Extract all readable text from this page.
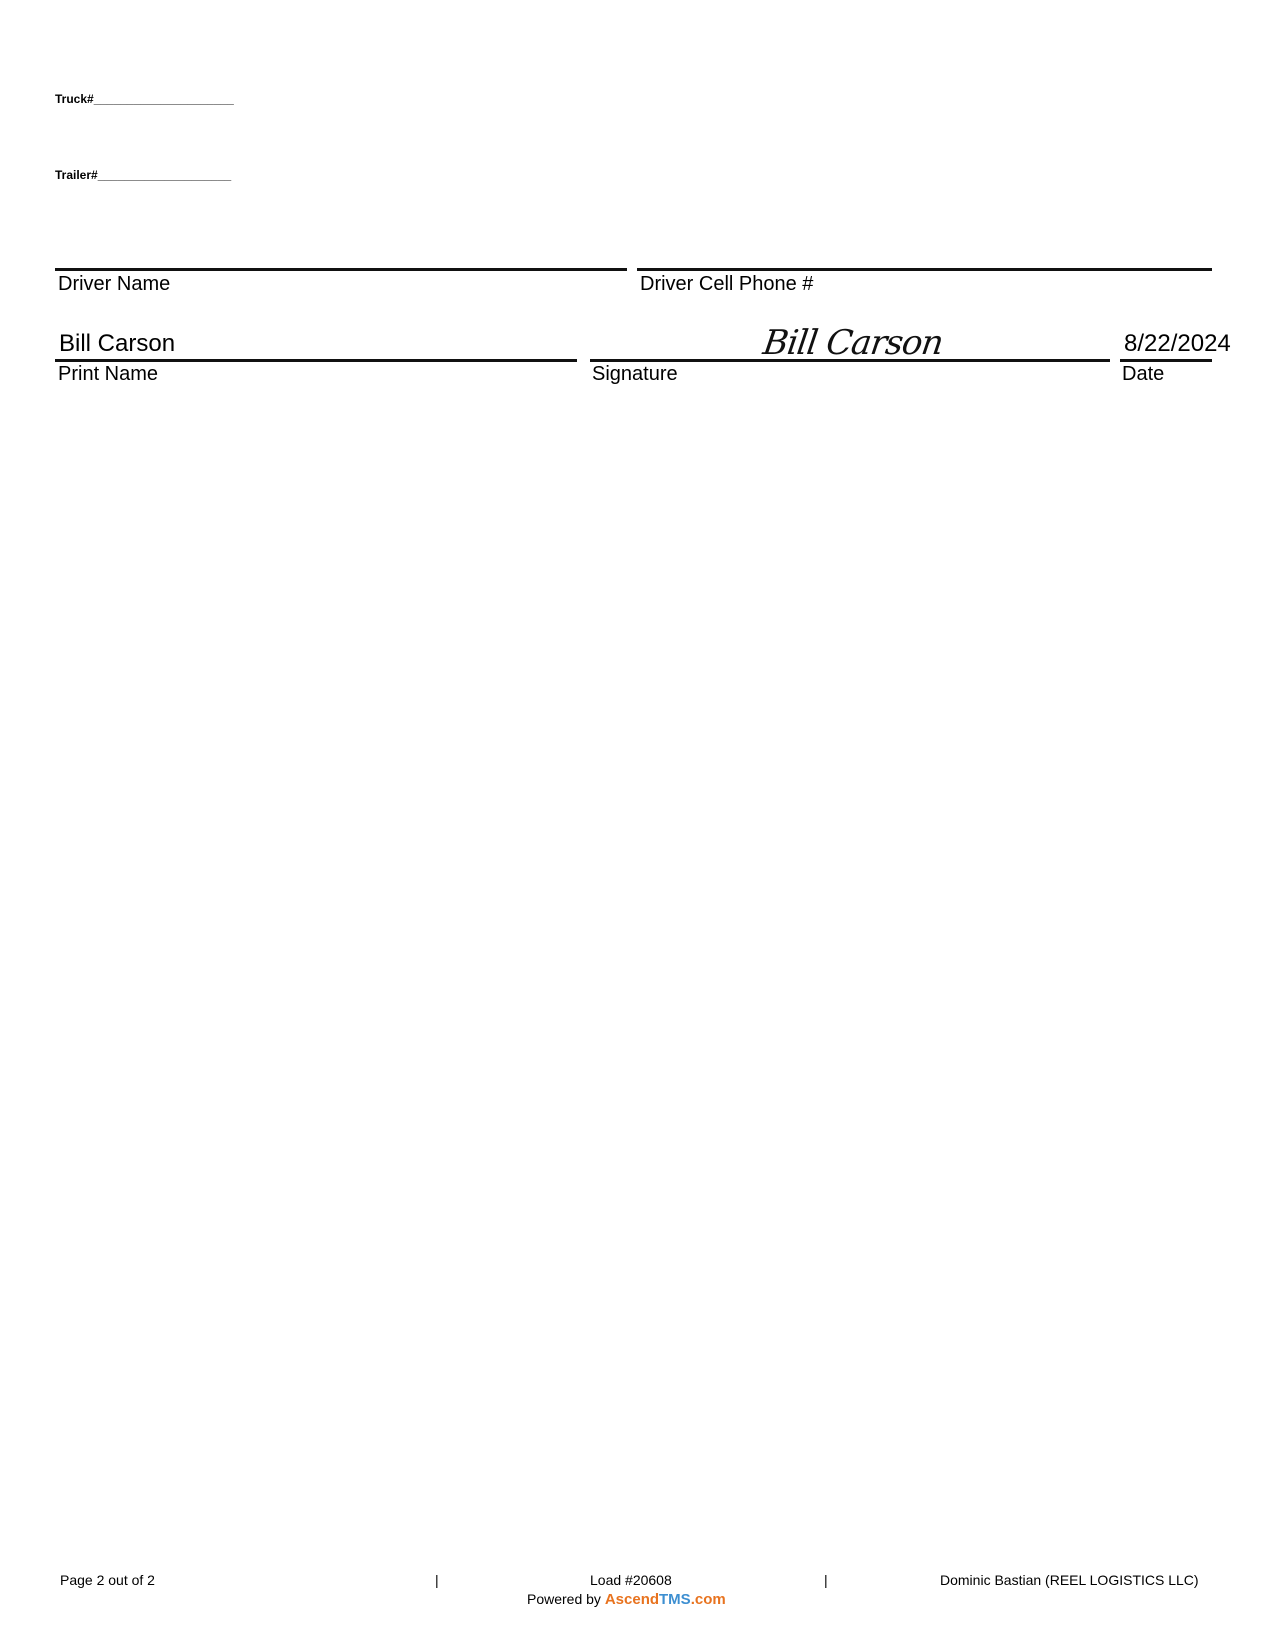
Truck#_____________________
Trailer#____________________
Driver Name	Driver Cell Phone #
Bill Carson
Print Name
Bill Carson
Signature
8/22/2024
Date
Page 2 out of 2	|	Load #20608	|	Dominic Bastian (REEL LOGISTICS LLC)
Powered by AscendTMS.com
